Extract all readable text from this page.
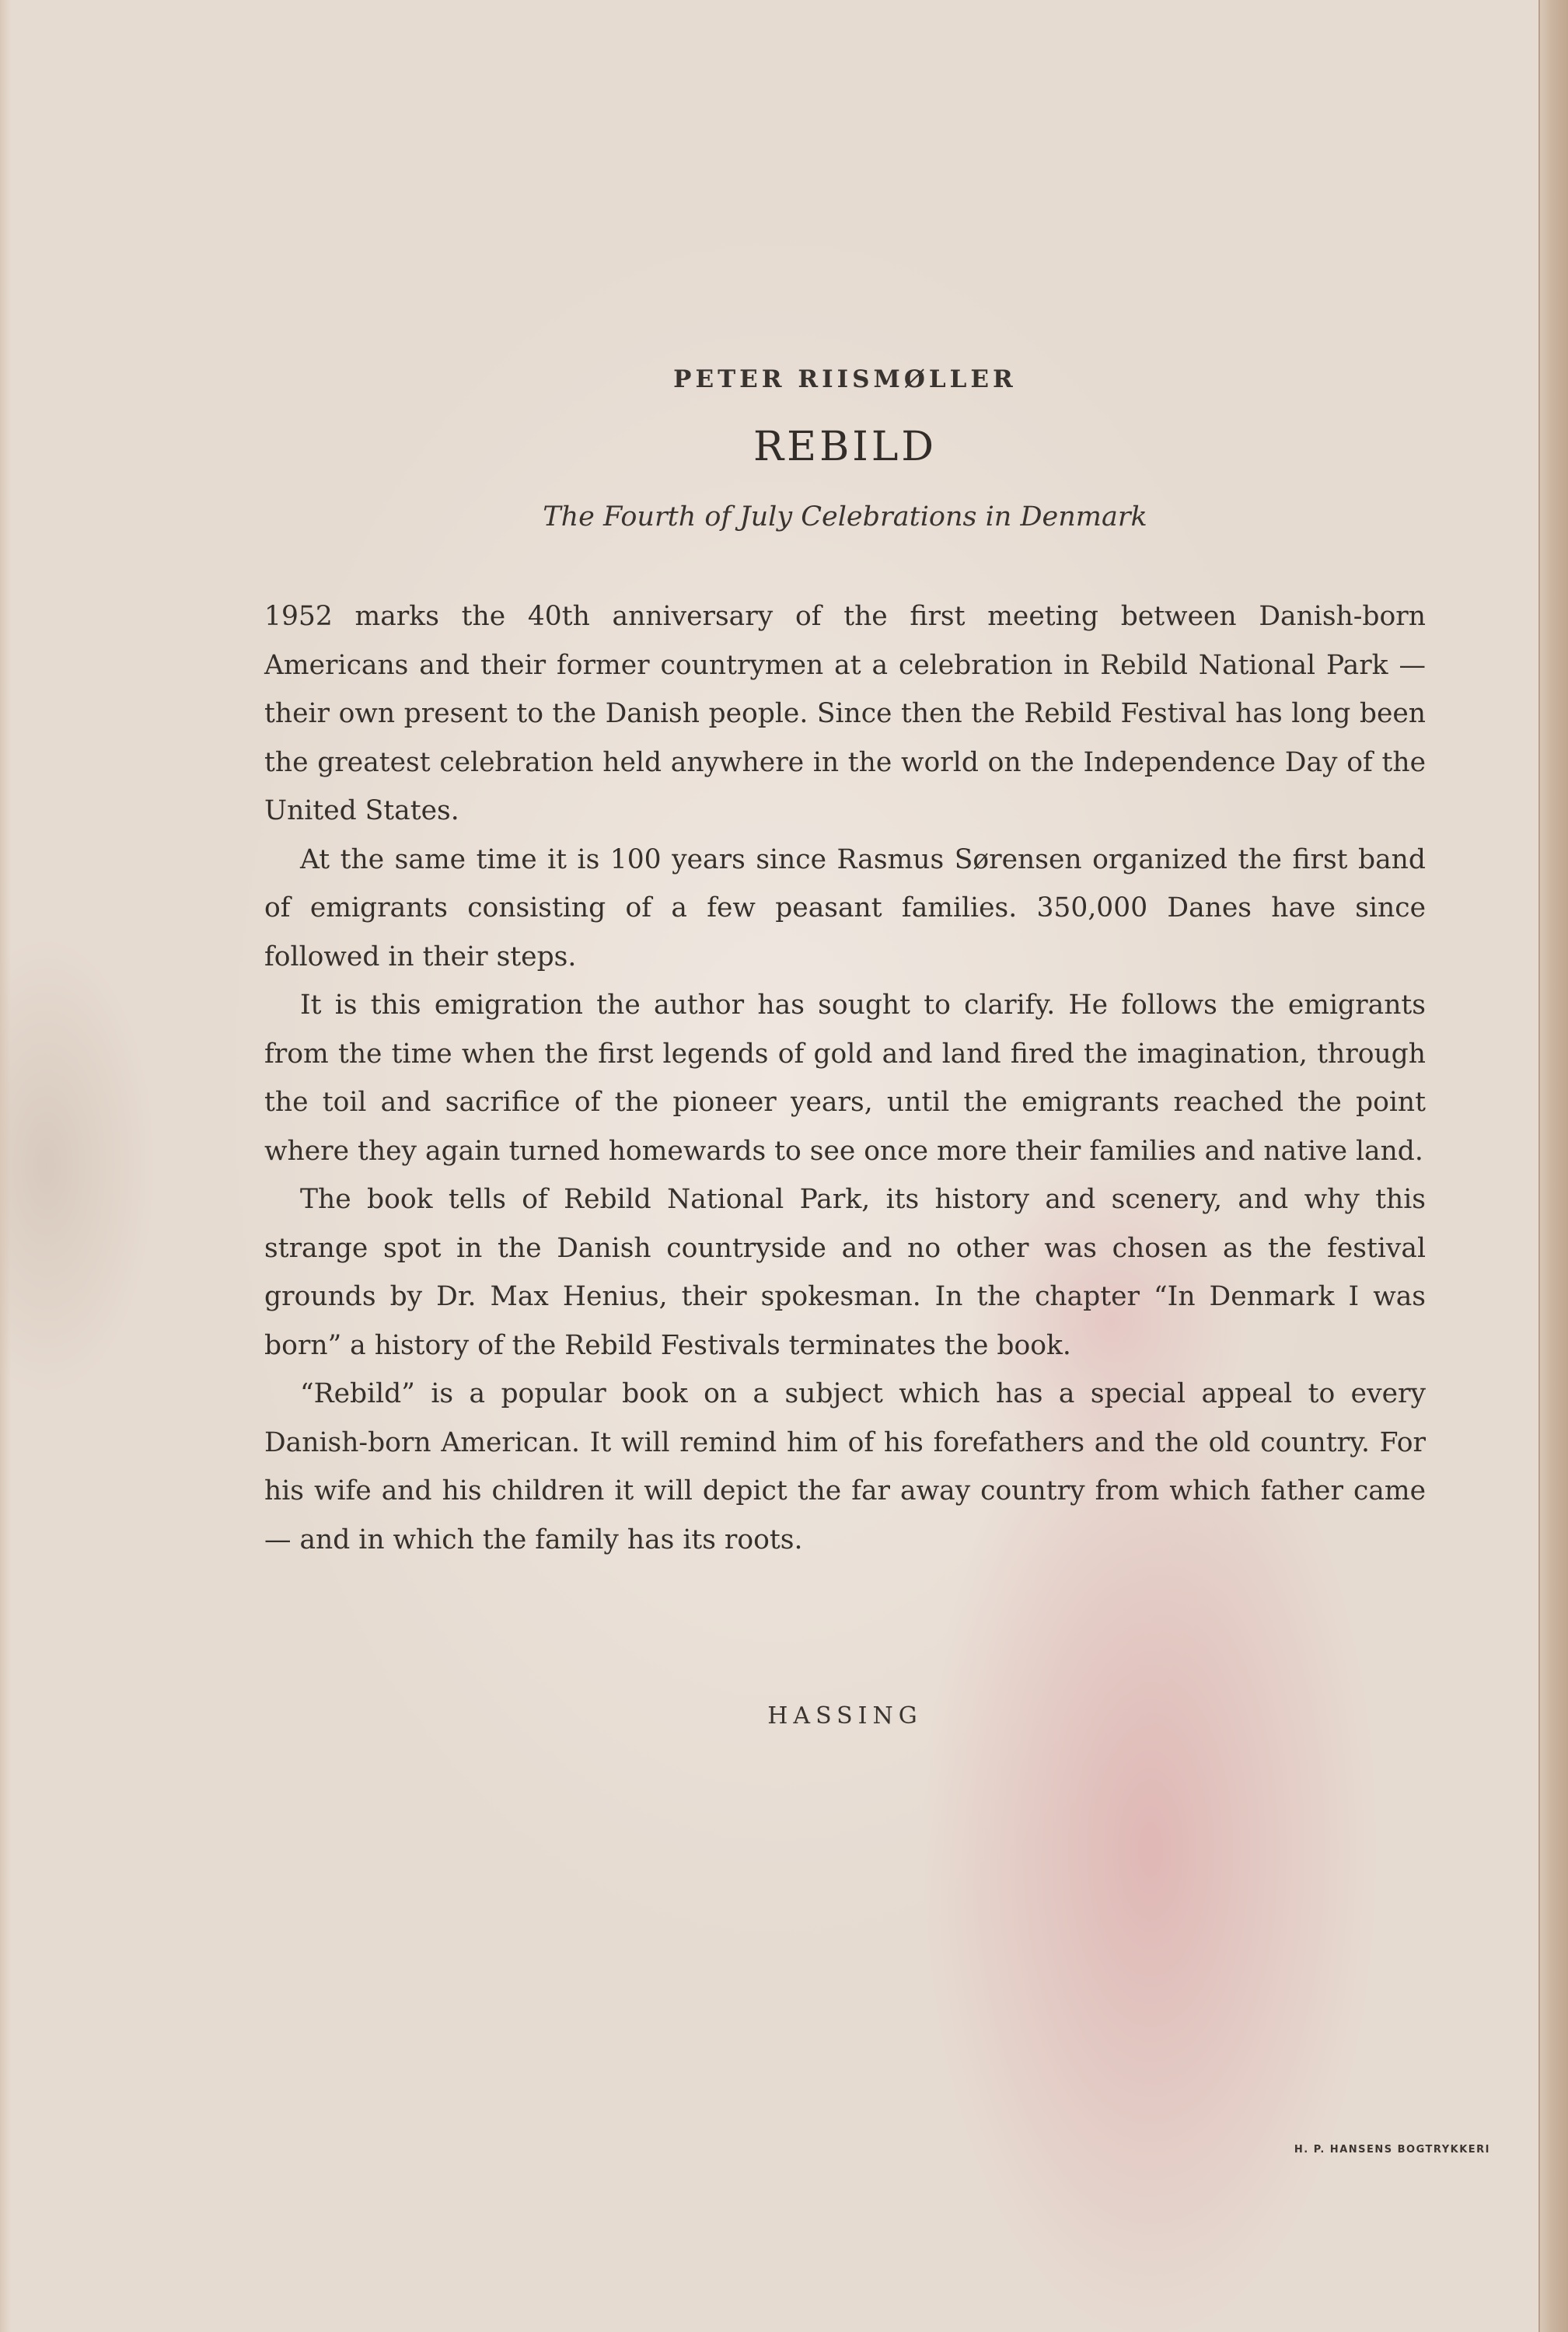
PETER RIISMØLLER
REBILD
The Fourth of July Celebrations in Denmark

1952 marks the 40th anniversary of the first meeting between Danish-born Americans and their former countrymen at a celebration in Rebild National Park — their own present to the Danish people. Since then the Rebild Festival has long been the greatest celebration held anywhere in the world on the Independence Day of the United States.

At the same time it is 100 years since Rasmus Sørensen organized the first band of emigrants consisting of a few peasant families. 350,000 Danes have since followed in their steps.

It is this emigration the author has sought to clarify. He follows the emigrants from the time when the first legends of gold and land fired the imagination, through the toil and sacrifice of the pioneer years, until the emigrants reached the point where they again turned homewards to see once more their families and native land.

The book tells of Rebild National Park, its history and scenery, and why this strange spot in the Danish countryside and no other was chosen as the festival grounds by Dr. Max Henius, their spokesman. In the chapter “In Denmark I was born” a history of the Rebild Festivals terminates the book.

“Rebild” is a popular book on a subject which has a special appeal to every Danish-born American. It will remind him of his forefathers and the old country. For his wife and his children it will depict the far away country from which father came — and in which the family has its roots.

HASSING
H. P. HANSENS BOGTRYKKERI
